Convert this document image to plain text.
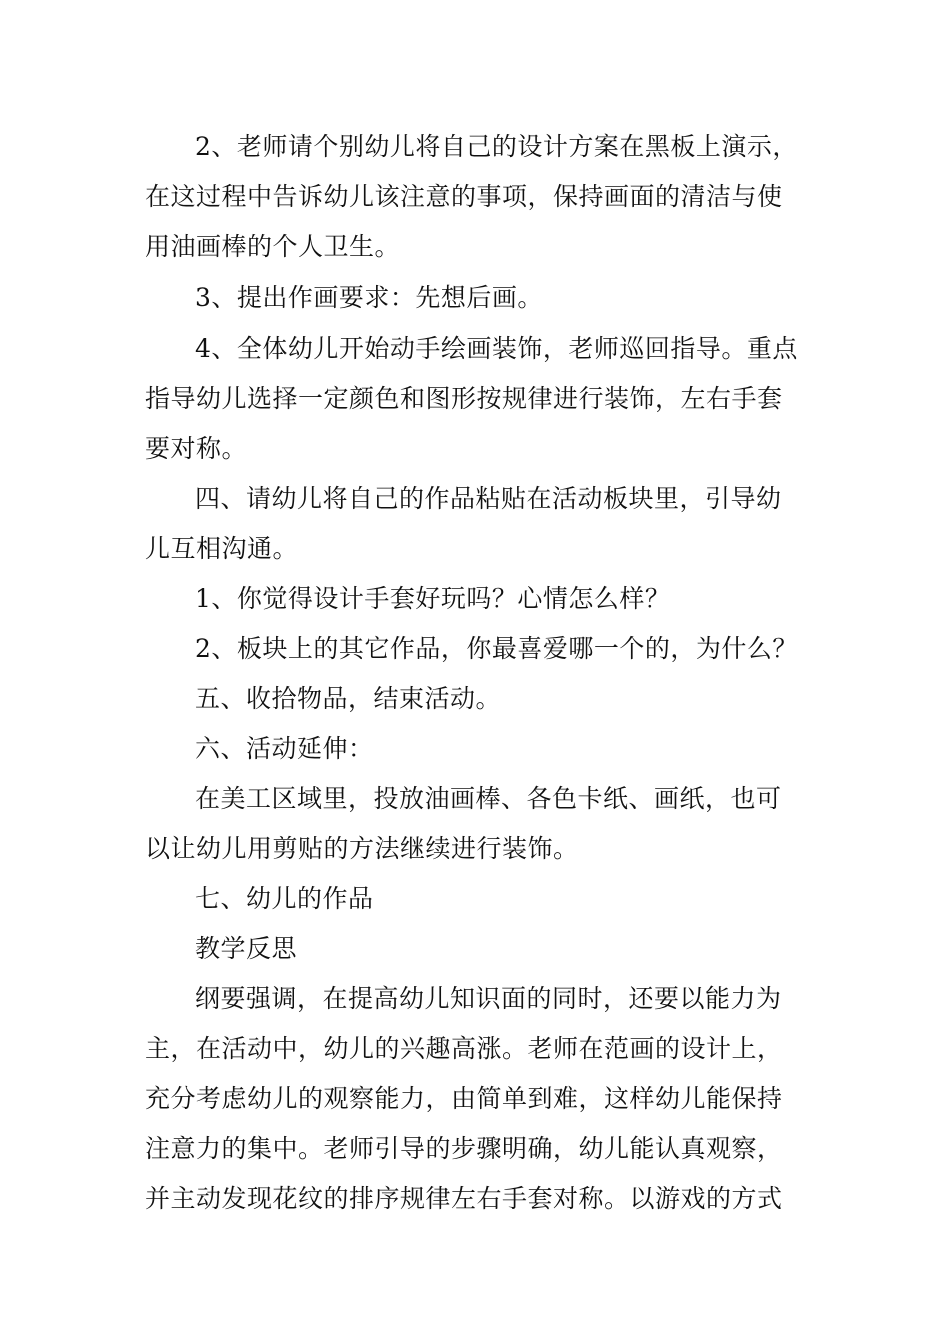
2、老师请个别幼儿将自己的设计方案在黑板上演示，
在这过程中告诉幼儿该注意的事项，保持画面的清洁与使
用油画棒的个人卫生。
3、提出作画要求：先想后画。
4、全体幼儿开始动手绘画装饰，老师巡回指导。重点
指导幼儿选择一定颜色和图形按规律进行装饰，左右手套
要对称。
四、请幼儿将自己的作品粘贴在活动板块里，引导幼
儿互相沟通。
1、你觉得设计手套好玩吗？心情怎么样？
2、板块上的其它作品，你最喜爱哪一个的，为什么？
五、收拾物品，结束活动。
六、活动延伸：
在美工区域里，投放油画棒、各色卡纸、画纸，也可
以让幼儿用剪贴的方法继续进行装饰。
七、幼儿的作品
教学反思
纲要强调，在提高幼儿知识面的同时，还要以能力为
主，在活动中，幼儿的兴趣高涨。老师在范画的设计上，
充分考虑幼儿的观察能力，由简单到难，这样幼儿能保持
注意力的集中。老师引导的步骤明确，幼儿能认真观察，
并主动发现花纹的排序规律左右手套对称。以游戏的方式
